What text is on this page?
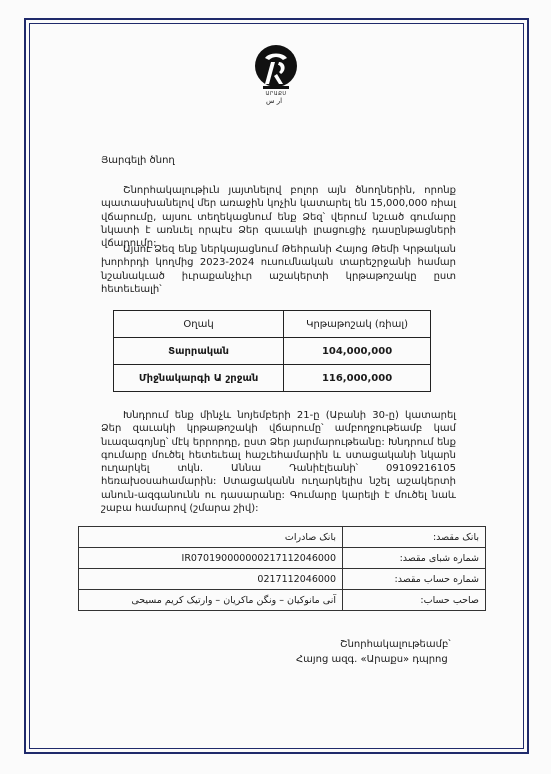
ԱՐԱՔՍ
ار س
Յարգելի ծնող
Շնորհակալութիւն յայտնելով բոլոր այն ծնողներին, որոնք պատասխանելով մեր առաջին կոչին կատարել են 15,000,000 ռիալ վճարումը, այսու տեղեկացնում ենք Ձեզ՝ վերում նշւած գումարը նկատի է առնւել որպէս Ձեր զաւակի լրացուցիչ դասընթացների վճարումը:
Այսու Ձեզ ենք ներկայացնում Թեհրանի Հայոց Թեմի Կրթական խորհրդի կողմից 2023-2024 ուսումնական տարեշրջանի համար նշանակւած իւրաքանչիւր աշակերտի կրթաթոշակը ըստ հետեւեալի՝
Օղակ	Կրթաթոշակ (ռիալ)
Տարրական	104,000,000
Միջնակարգի Ա շրջան	116,000,000
Խնդրում ենք մինչև նոյեմբերի 21-ը (Աբանի 30-ը) կատարել Ձեր զաւակի կրթաթոշակի վճարումը՝ ամբողջութեամբ կամ նւազագոյնը՝ մէկ երրորդը, ըստ Ձեր յարմարութեանը: Խնդրում ենք գումարը մուծել հետեւեալ հաշւեհամարին և ստացականի նկարն ուղարկել տկն. Աննա Դանիէլեանի՝ 09109216105 հեռախօսահամարին: Ստացականն ուղարկելիս նշել աշակերտի անուն-ազգանունն ու դասարանը: Գումարը կարելի է մուծել նաև շաբա համարով (շմարա շիվ):
بانک مقصد:	بانک صادرات
شماره شبای مقصد:	IR070190000000217112046000
شماره حساب مقصد:	0217112046000
صاحب حساب:	آنی مانوکیان – ونگن ماکریان – وارتیک کریم مسیحی
Շնորհակալութեամբ՝
Հայոց ազգ. «Արաքս» դպրոց
